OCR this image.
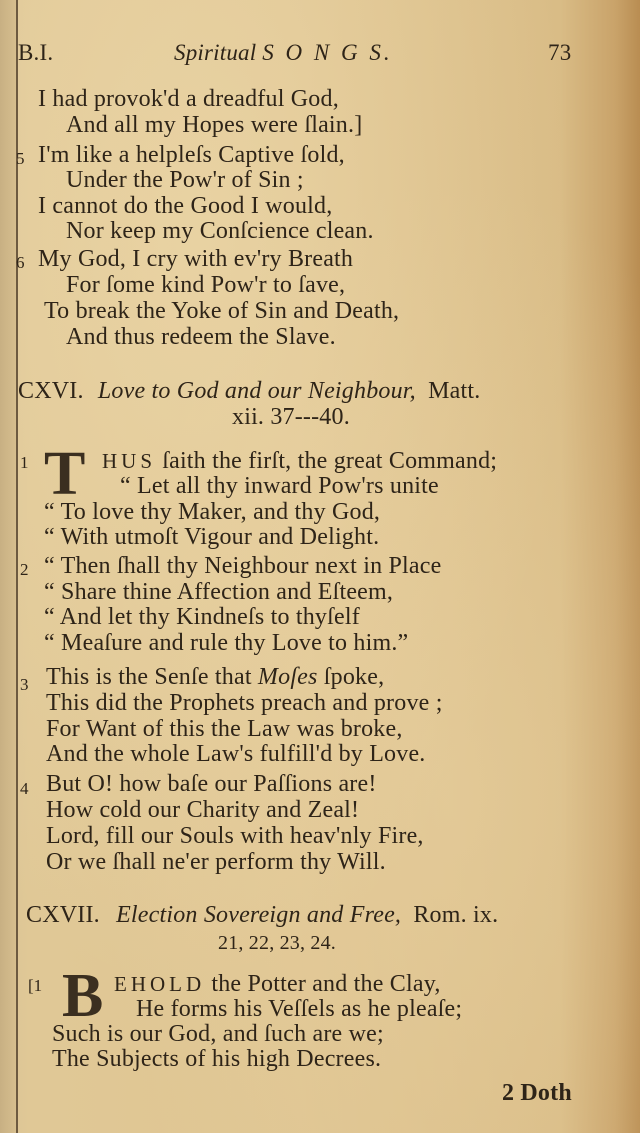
B.I.	Spiritual S O N G S.	73
I had provok'd a dreadful God,
And all my Hopes were ſlain.]
5 I'm like a helpleſs Captive ſold,
Under the Pow'r of Sin ;
I cannot do the Good I would,
Nor keep my Conſcience clean.
6 My God, I cry with ev'ry Breath
For ſome kind Pow'r to ſave,
To break the Yoke of Sin and Death,
And thus redeem the Slave.
CXVI. Love to God and our Neighbour, Matt.
xii. 37---40.
1 T HUS ſaith the firſt, the great Command;
“ Let all thy inward Pow'rs unite
“ To love thy Maker, and thy God,
“ With utmoſt Vigour and Delight.
2 “ Then ſhall thy Neighbour next in Place
“ Share thine Affection and Eſteem,
“ And let thy Kindneſs to thyſelf
“ Meaſure and rule thy Love to him.”
3 This is the Senſe that Moſes ſpoke,
This did the Prophets preach and prove ;
For Want of this the Law was broke,
And the whole Law's fulfill'd by Love.
4 But O! how baſe our Paſſions are!
How cold our Charity and Zeal!
Lord, fill our Souls with heav'nly Fire,
Or we ſhall ne'er perform thy Will.
CXVII. Election Sovereign and Free, Rom. ix.
21, 22, 23, 24.
[1 B EHOLD the Potter and the Clay,
He forms his Veſſels as he pleaſe;
Such is our God, and ſuch are we;
The Subjects of his high Decrees.
2 Doth
